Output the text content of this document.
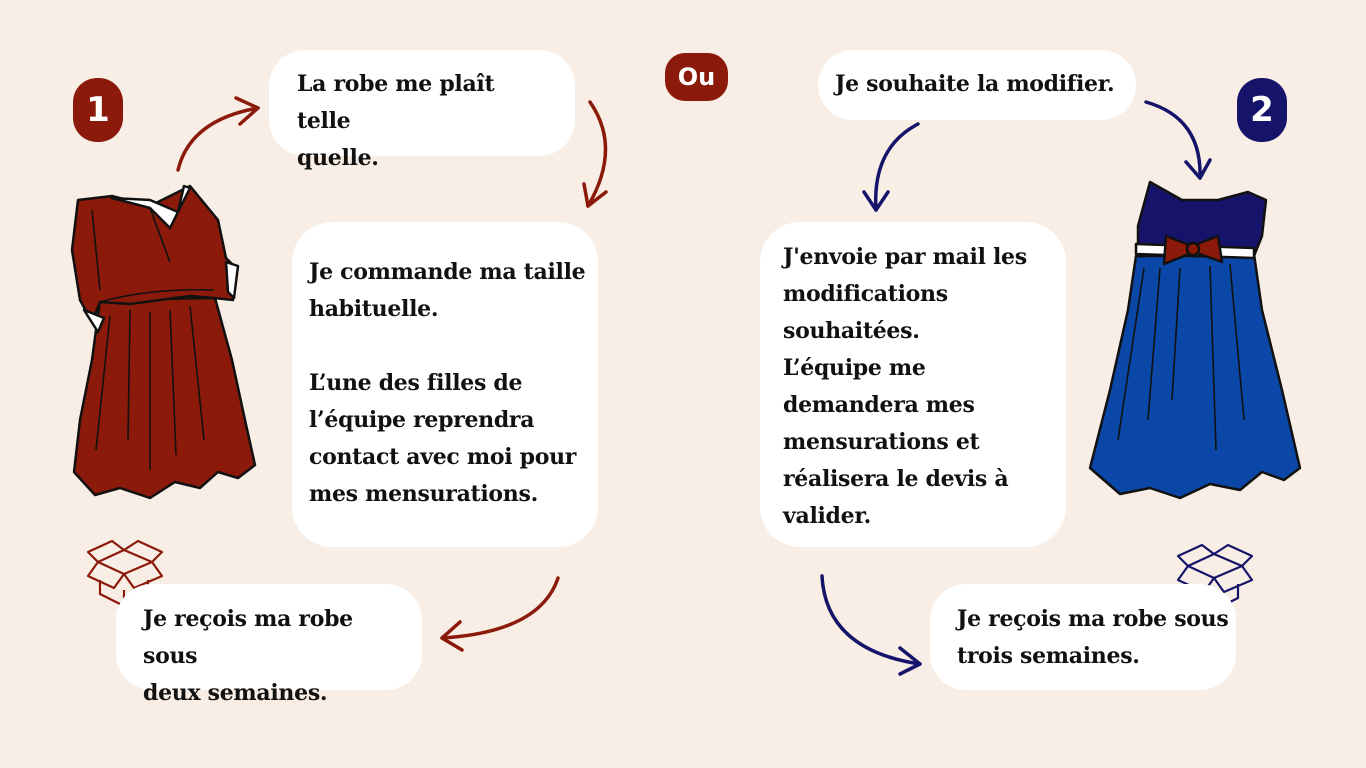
1	2
Ou
La robe me plaît telle
quelle.
Je commande ma taille
habituelle.

L’une des filles de
l’équipe reprendra
contact avec moi pour
mes mensurations.
Je reçois ma robe sous
deux semaines.
Je souhaite la modifier.
J'envoie par mail les
modifications
souhaitées.
L’équipe me
demandera mes
mensurations et
réalisera le devis à
valider.
Je reçois ma robe sous
trois semaines.
